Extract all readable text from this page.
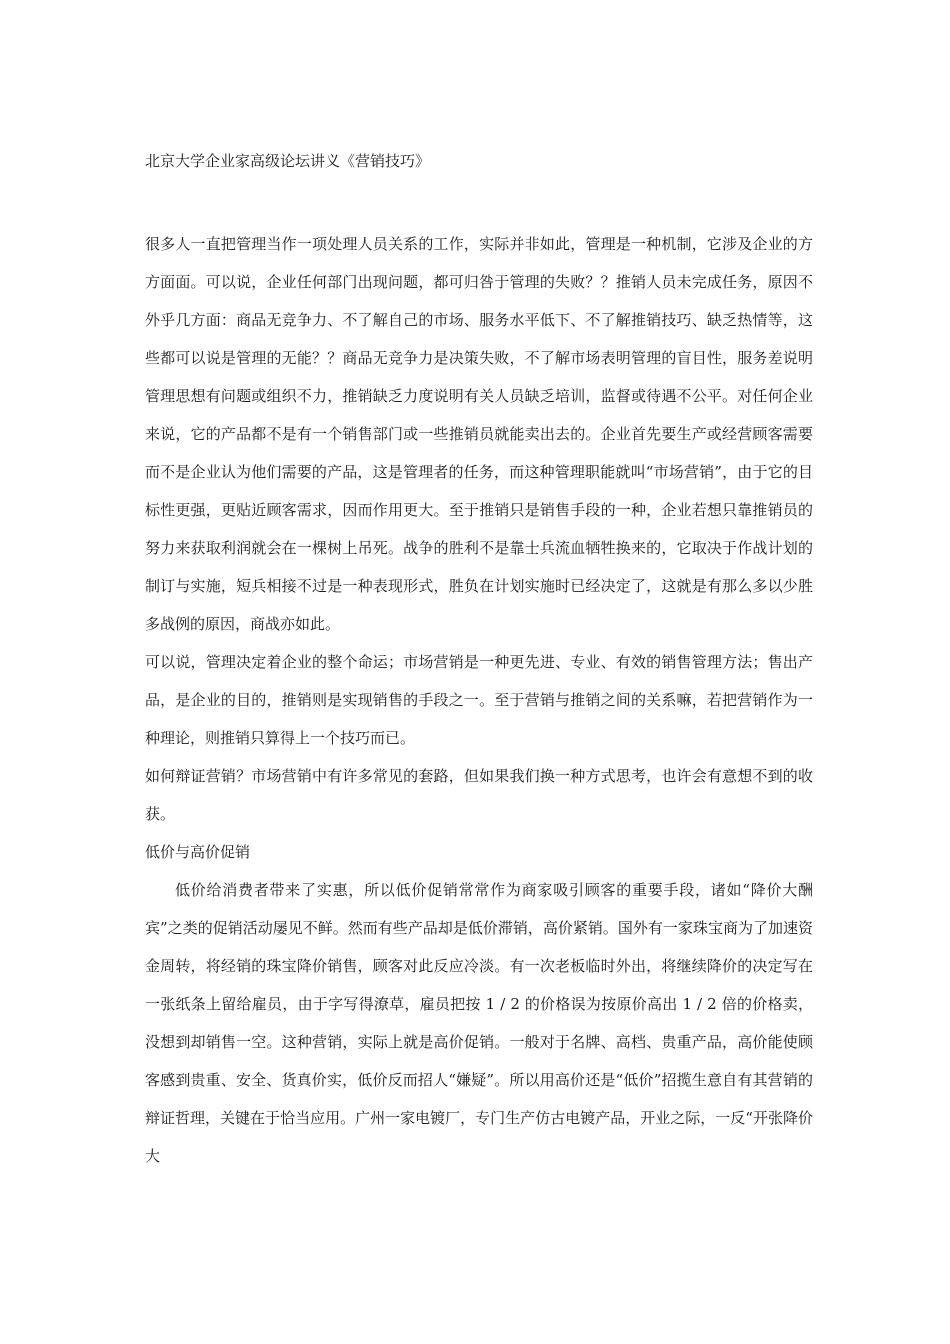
北京大学企业家高级论坛讲义《营销技巧》

很多人一直把管理当作一项处理人员关系的工作，实际并非如此，管理是一种机制，它涉及企业的方方面面。可以说，企业任何部门出现问题，都可归咎于管理的失败？？推销人员未完成任务，原因不外乎几方面：商品无竞争力、不了解自己的市场、服务水平低下、不了解推销技巧、缺乏热情等，这些都可以说是管理的无能？？商品无竞争力是决策失败，不了解市场表明管理的盲目性，服务差说明管理思想有问题或组织不力，推销缺乏力度说明有关人员缺乏培训，监督或待遇不公平。对任何企业来说，它的产品都不是有一个销售部门或一些推销员就能卖出去的。企业首先要生产或经营顾客需要而不是企业认为他们需要的产品，这是管理者的任务，而这种管理职能就叫“市场营销”，由于它的目标性更强，更贴近顾客需求，因而作用更大。至于推销只是销售手段的一种，企业若想只靠推销员的努力来获取利润就会在一棵树上吊死。战争的胜利不是靠士兵流血牺牲换来的，它取决于作战计划的制订与实施，短兵相接不过是一种表现形式，胜负在计划实施时已经决定了，这就是有那么多以少胜多战例的原因，商战亦如此。

可以说，管理决定着企业的整个命运；市场营销是一种更先进、专业、有效的销售管理方法；售出产品，是企业的目的，推销则是实现销售的手段之一。至于营销与推销之间的关系嘛，若把营销作为一种理论，则推销只算得上一个技巧而已。

如何辩证营销？市场营销中有许多常见的套路，但如果我们换一种方式思考，也许会有意想不到的收获。

低价与高价促销

低价给消费者带来了实惠，所以低价促销常常作为商家吸引顾客的重要手段，诸如“降价大酬宾”之类的促销活动屡见不鲜。然而有些产品却是低价滞销，高价紧销。国外有一家珠宝商为了加速资金周转，将经销的珠宝降价销售，顾客对此反应冷淡。有一次老板临时外出，将继续降价的决定写在一张纸条上留给雇员，由于字写得潦草，雇员把按 1 / 2 的价格误为按原价高出 1 / 2 倍的价格卖，没想到却销售一空。这种营销，实际上就是高价促销。一般对于名牌、高档、贵重产品，高价能使顾客感到贵重、安全、货真价实，低价反而招人“嫌疑”。所以用高价还是“低价”招揽生意自有其营销的辩证哲理，关键在于恰当应用。广州一家电镀厂，专门生产仿古电镀产品，开业之际，一反“开张降价大
